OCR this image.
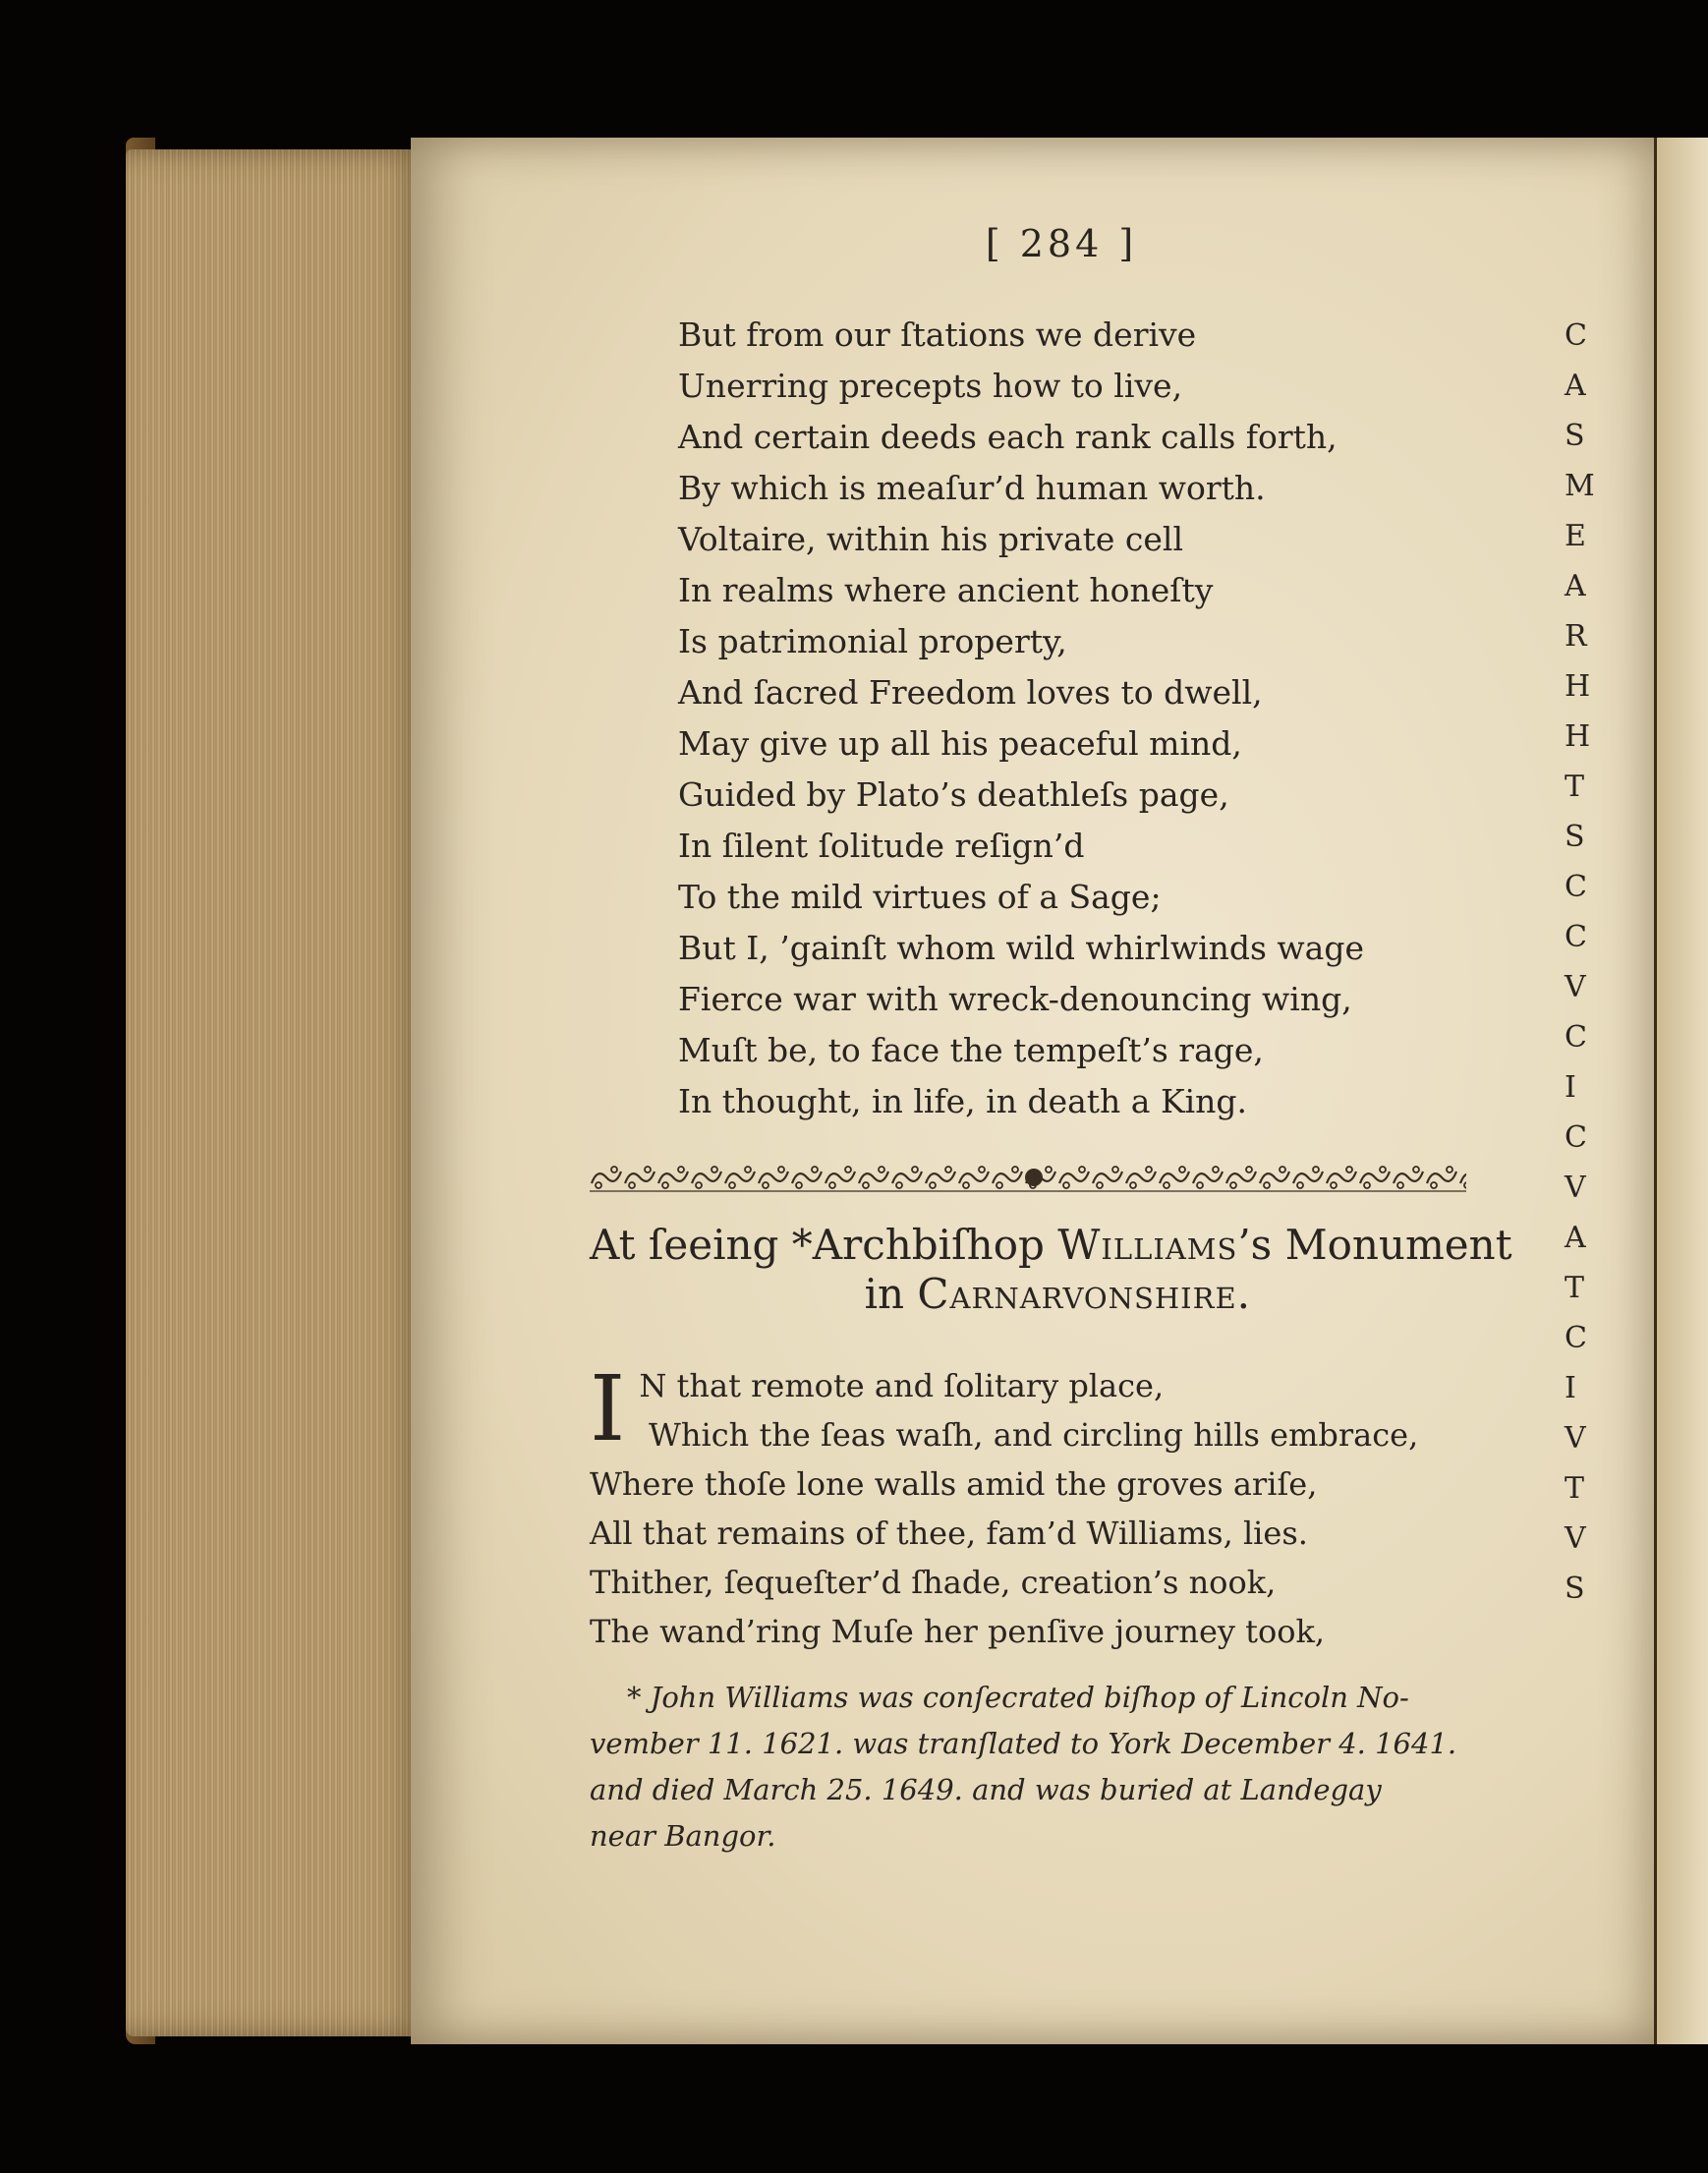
C A S M E A R H H T S C C V C I C V A T C I V T V S
[ 284 ]
But from our ſtations we derive
Unerring precepts how to live,
And certain deeds each rank calls forth,
By which is meaſur’d human worth.
Voltaire, within his private cell
In realms where ancient honeſty
Is patrimonial property,
And ſacred Freedom loves to dwell,
May give up all his peaceful mind,
Guided by Plato’s deathleſs page,
In ſilent ſolitude reſign’d
To the mild virtues of a Sage;
But I, ’gainſt whom wild whirlwinds wage
Fierce war with wreck-denouncing wing,
Muſt be, to face the tempeſt’s rage,
In thought, in life, in death a King.
At ſeeing *Archbiſhop Williams’s Monument
in Carnarvonshire.
I N that remote and ſolitary place,
Which the ſeas waſh, and circling hills embrace,
Where thoſe lone walls amid the groves ariſe,
All that remains of thee, fam’d Williams, lies.
Thither, ſequeſter’d ſhade, creation’s nook,
The wand’ring Muſe her penſive journey took,
* John Williams was conſecrated biſhop of Lincoln No-
vember 11. 1621. was tranſlated to York December 4. 1641.
and died March 25. 1649. and was buried at Landegay
near Bangor.
